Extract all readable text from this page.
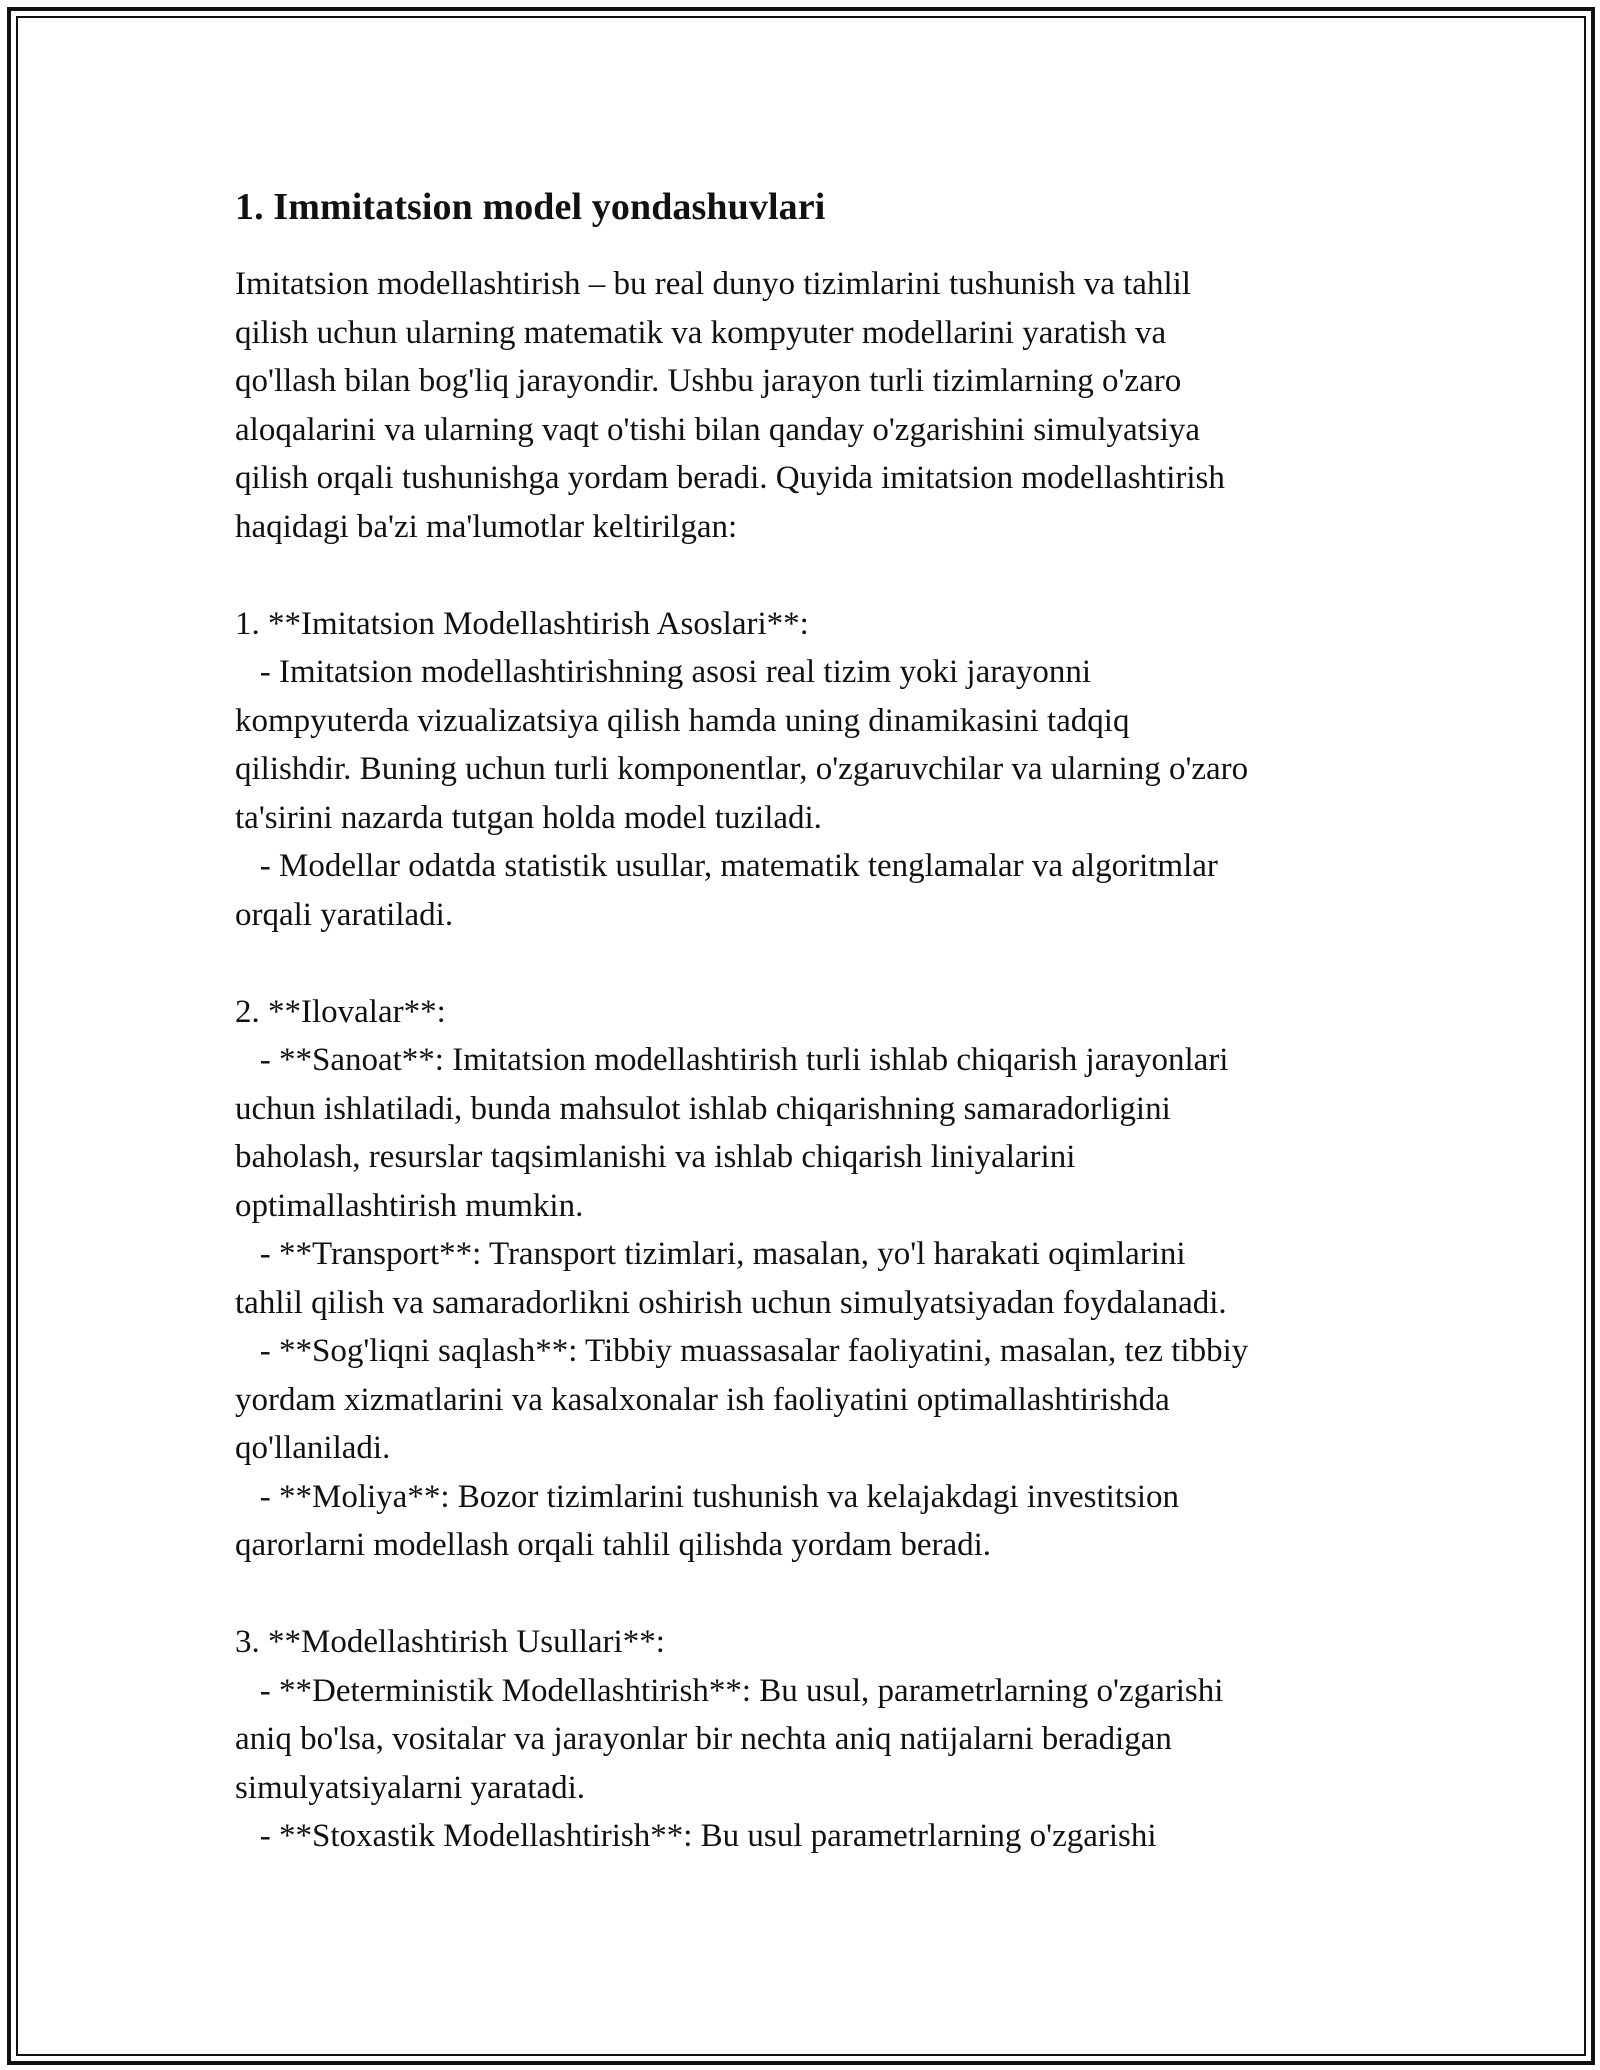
1. Immitatsion model yondashuvlari

Imitatsion modellashtirish – bu real dunyo tizimlarini tushunish va tahlil
qilish uchun ularning matematik va kompyuter modellarini yaratish va
qo'llash bilan bog'liq jarayondir. Ushbu jarayon turli tizimlarning o'zaro
aloqalarini va ularning vaqt o'tishi bilan qanday o'zgarishini simulyatsiya
qilish orqali tushunishga yordam beradi. Quyida imitatsion modellashtirish
haqidagi ba'zi ma'lumotlar keltirilgan:

1. **Imitatsion Modellashtirish Asoslari**:
- Imitatsion modellashtirishning asosi real tizim yoki jarayonni
kompyuterda vizualizatsiya qilish hamda uning dinamikasini tadqiq
qilishdir. Buning uchun turli komponentlar, o'zgaruvchilar va ularning o'zaro
ta'sirini nazarda tutgan holda model tuziladi.
- Modellar odatda statistik usullar, matematik tenglamalar va algoritmlar
orqali yaratiladi.

2. **Ilovalar**:
- **Sanoat**: Imitatsion modellashtirish turli ishlab chiqarish jarayonlari
uchun ishlatiladi, bunda mahsulot ishlab chiqarishning samaradorligini
baholash, resurslar taqsimlanishi va ishlab chiqarish liniyalarini
optimallashtirish mumkin.
- **Transport**: Transport tizimlari, masalan, yo'l harakati oqimlarini
tahlil qilish va samaradorlikni oshirish uchun simulyatsiyadan foydalanadi.
- **Sog'liqni saqlash**: Tibbiy muassasalar faoliyatini, masalan, tez tibbiy
yordam xizmatlarini va kasalxonalar ish faoliyatini optimallashtirishda
qo'llaniladi.
- **Moliya**: Bozor tizimlarini tushunish va kelajakdagi investitsion
qarorlarni modellash orqali tahlil qilishda yordam beradi.

3. **Modellashtirish Usullari**:
- **Deterministik Modellashtirish**: Bu usul, parametrlarning o'zgarishi
aniq bo'lsa, vositalar va jarayonlar bir nechta aniq natijalarni beradigan
simulyatsiyalarni yaratadi.
- **Stoxastik Modellashtirish**: Bu usul parametrlarning o'zgarishi
